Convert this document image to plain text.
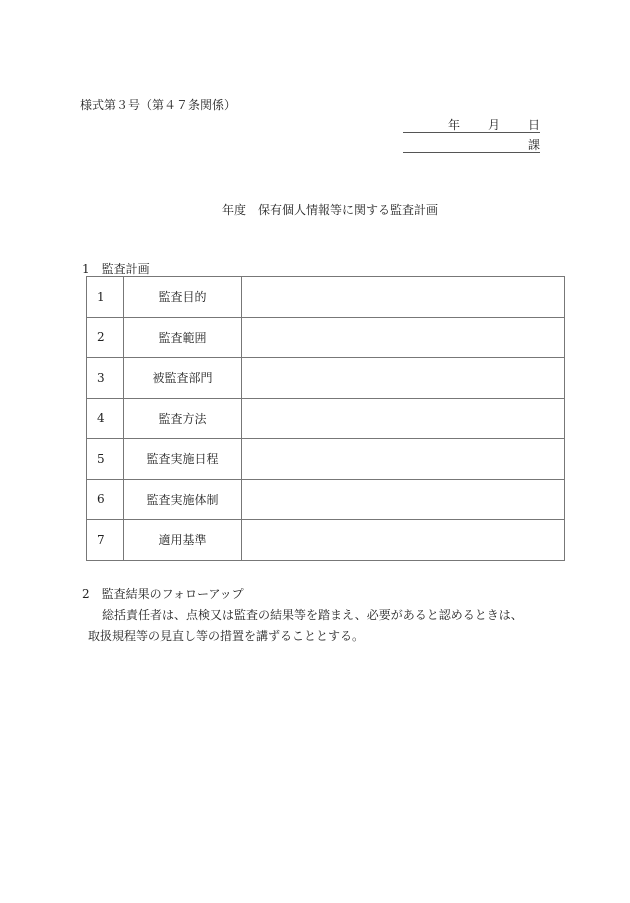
様式第３号（第４７条関係）
年 月 日
課
年度　保有個人情報等に関する監査計画
1 監査計画
1	監査目的	
2	監査範囲	
3	被監査部門	
4	監査方法	
5	監査実施日程	
6	監査実施体制	
7	適用基準	
2 監査結果のフォローアップ
総括責任者は、点検又は監査の結果等を踏まえ、必要があると認めるときは、
取扱規程等の見直し等の措置を講ずることとする。
